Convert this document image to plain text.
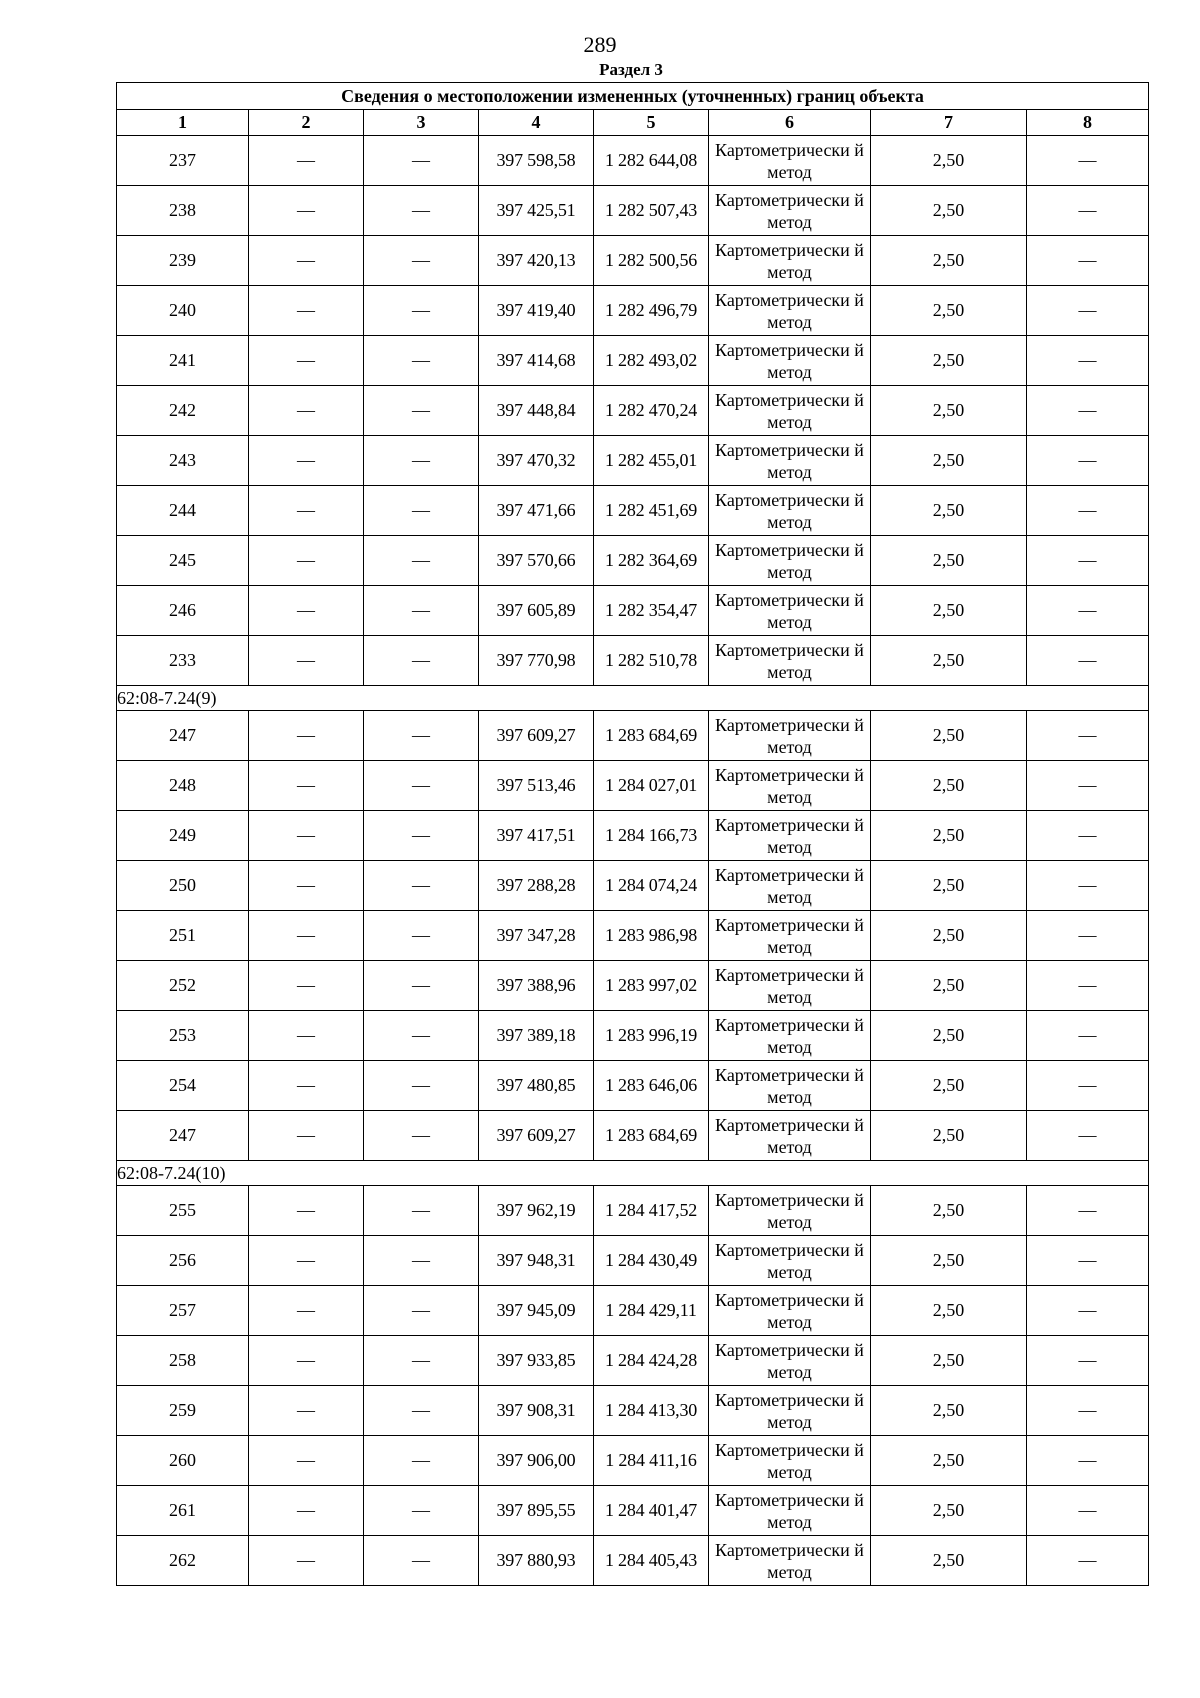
289
Раздел 3
Сведения о местоположении измененных (уточненных) границ объекта							
1	2	3	4	5	6	7	8
237	—	—	397 598,58	1 282 644,08	Картометрически й метод	2,50	—
238	—	—	397 425,51	1 282 507,43	Картометрически й метод	2,50	—
239	—	—	397 420,13	1 282 500,56	Картометрически й метод	2,50	—
240	—	—	397 419,40	1 282 496,79	Картометрически й метод	2,50	—
241	—	—	397 414,68	1 282 493,02	Картометрически й метод	2,50	—
242	—	—	397 448,84	1 282 470,24	Картометрически й метод	2,50	—
243	—	—	397 470,32	1 282 455,01	Картометрически й метод	2,50	—
244	—	—	397 471,66	1 282 451,69	Картометрически й метод	2,50	—
245	—	—	397 570,66	1 282 364,69	Картометрически й метод	2,50	—
246	—	—	397 605,89	1 282 354,47	Картометрически й метод	2,50	—
233	—	—	397 770,98	1 282 510,78	Картометрически й метод	2,50	—
62:08-7.24(9)							
247	—	—	397 609,27	1 283 684,69	Картометрически й метод	2,50	—
248	—	—	397 513,46	1 284 027,01	Картометрически й метод	2,50	—
249	—	—	397 417,51	1 284 166,73	Картометрически й метод	2,50	—
250	—	—	397 288,28	1 284 074,24	Картометрически й метод	2,50	—
251	—	—	397 347,28	1 283 986,98	Картометрически й метод	2,50	—
252	—	—	397 388,96	1 283 997,02	Картометрически й метод	2,50	—
253	—	—	397 389,18	1 283 996,19	Картометрически й метод	2,50	—
254	—	—	397 480,85	1 283 646,06	Картометрически й метод	2,50	—
247	—	—	397 609,27	1 283 684,69	Картометрически й метод	2,50	—
62:08-7.24(10)							
255	—	—	397 962,19	1 284 417,52	Картометрически й метод	2,50	—
256	—	—	397 948,31	1 284 430,49	Картометрически й метод	2,50	—
257	—	—	397 945,09	1 284 429,11	Картометрически й метод	2,50	—
258	—	—	397 933,85	1 284 424,28	Картометрически й метод	2,50	—
259	—	—	397 908,31	1 284 413,30	Картометрически й метод	2,50	—
260	—	—	397 906,00	1 284 411,16	Картометрически й метод	2,50	—
261	—	—	397 895,55	1 284 401,47	Картометрически й метод	2,50	—
262	—	—	397 880,93	1 284 405,43	Картометрически й метод	2,50	—
